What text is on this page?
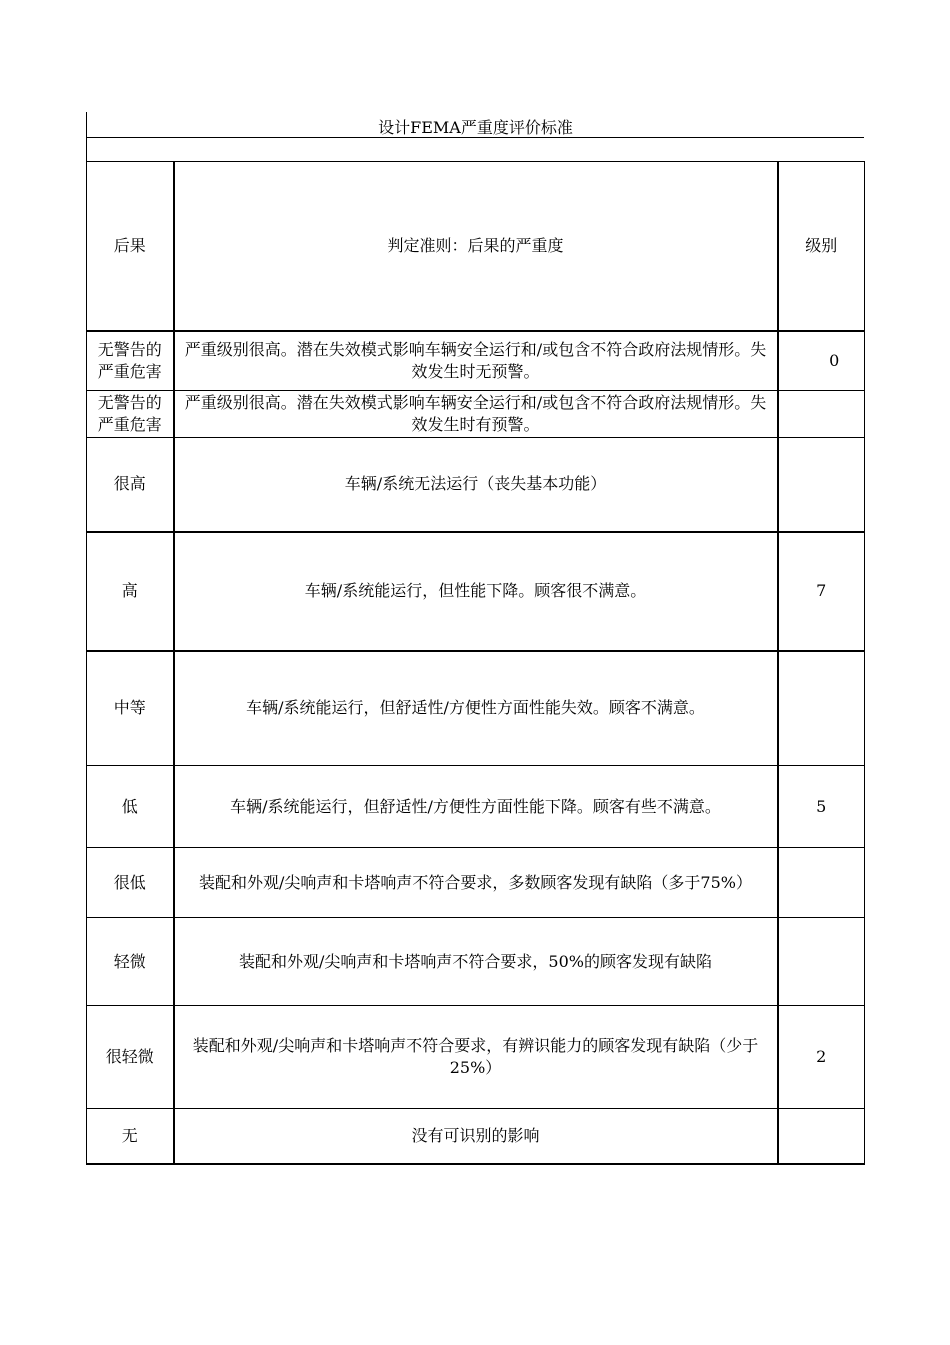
设计FEMA严重度评价标准
后果	判定准则：后果的严重度	级别
无警告的严重危害	严重级别很高。潜在失效模式影响车辆安全运行和/或包含不符合政府法规情形。失效发生时无预警。	0
无警告的严重危害	严重级别很高。潜在失效模式影响车辆安全运行和/或包含不符合政府法规情形。失效发生时有预警。	
很高	车辆/系统无法运行（丧失基本功能）	
高	车辆/系统能运行，但性能下降。顾客很不满意。	7
中等	车辆/系统能运行，但舒适性/方便性方面性能失效。顾客不满意。	
低	车辆/系统能运行，但舒适性/方便性方面性能下降。顾客有些不满意。	5
很低	装配和外观/尖响声和卡塔响声不符合要求，多数顾客发现有缺陷（多于75%）	
轻微	装配和外观/尖响声和卡塔响声不符合要求，50%的顾客发现有缺陷	
很轻微	装配和外观/尖响声和卡塔响声不符合要求，有辨识能力的顾客发现有缺陷（少于25%）	2
无	没有可识别的影响	
